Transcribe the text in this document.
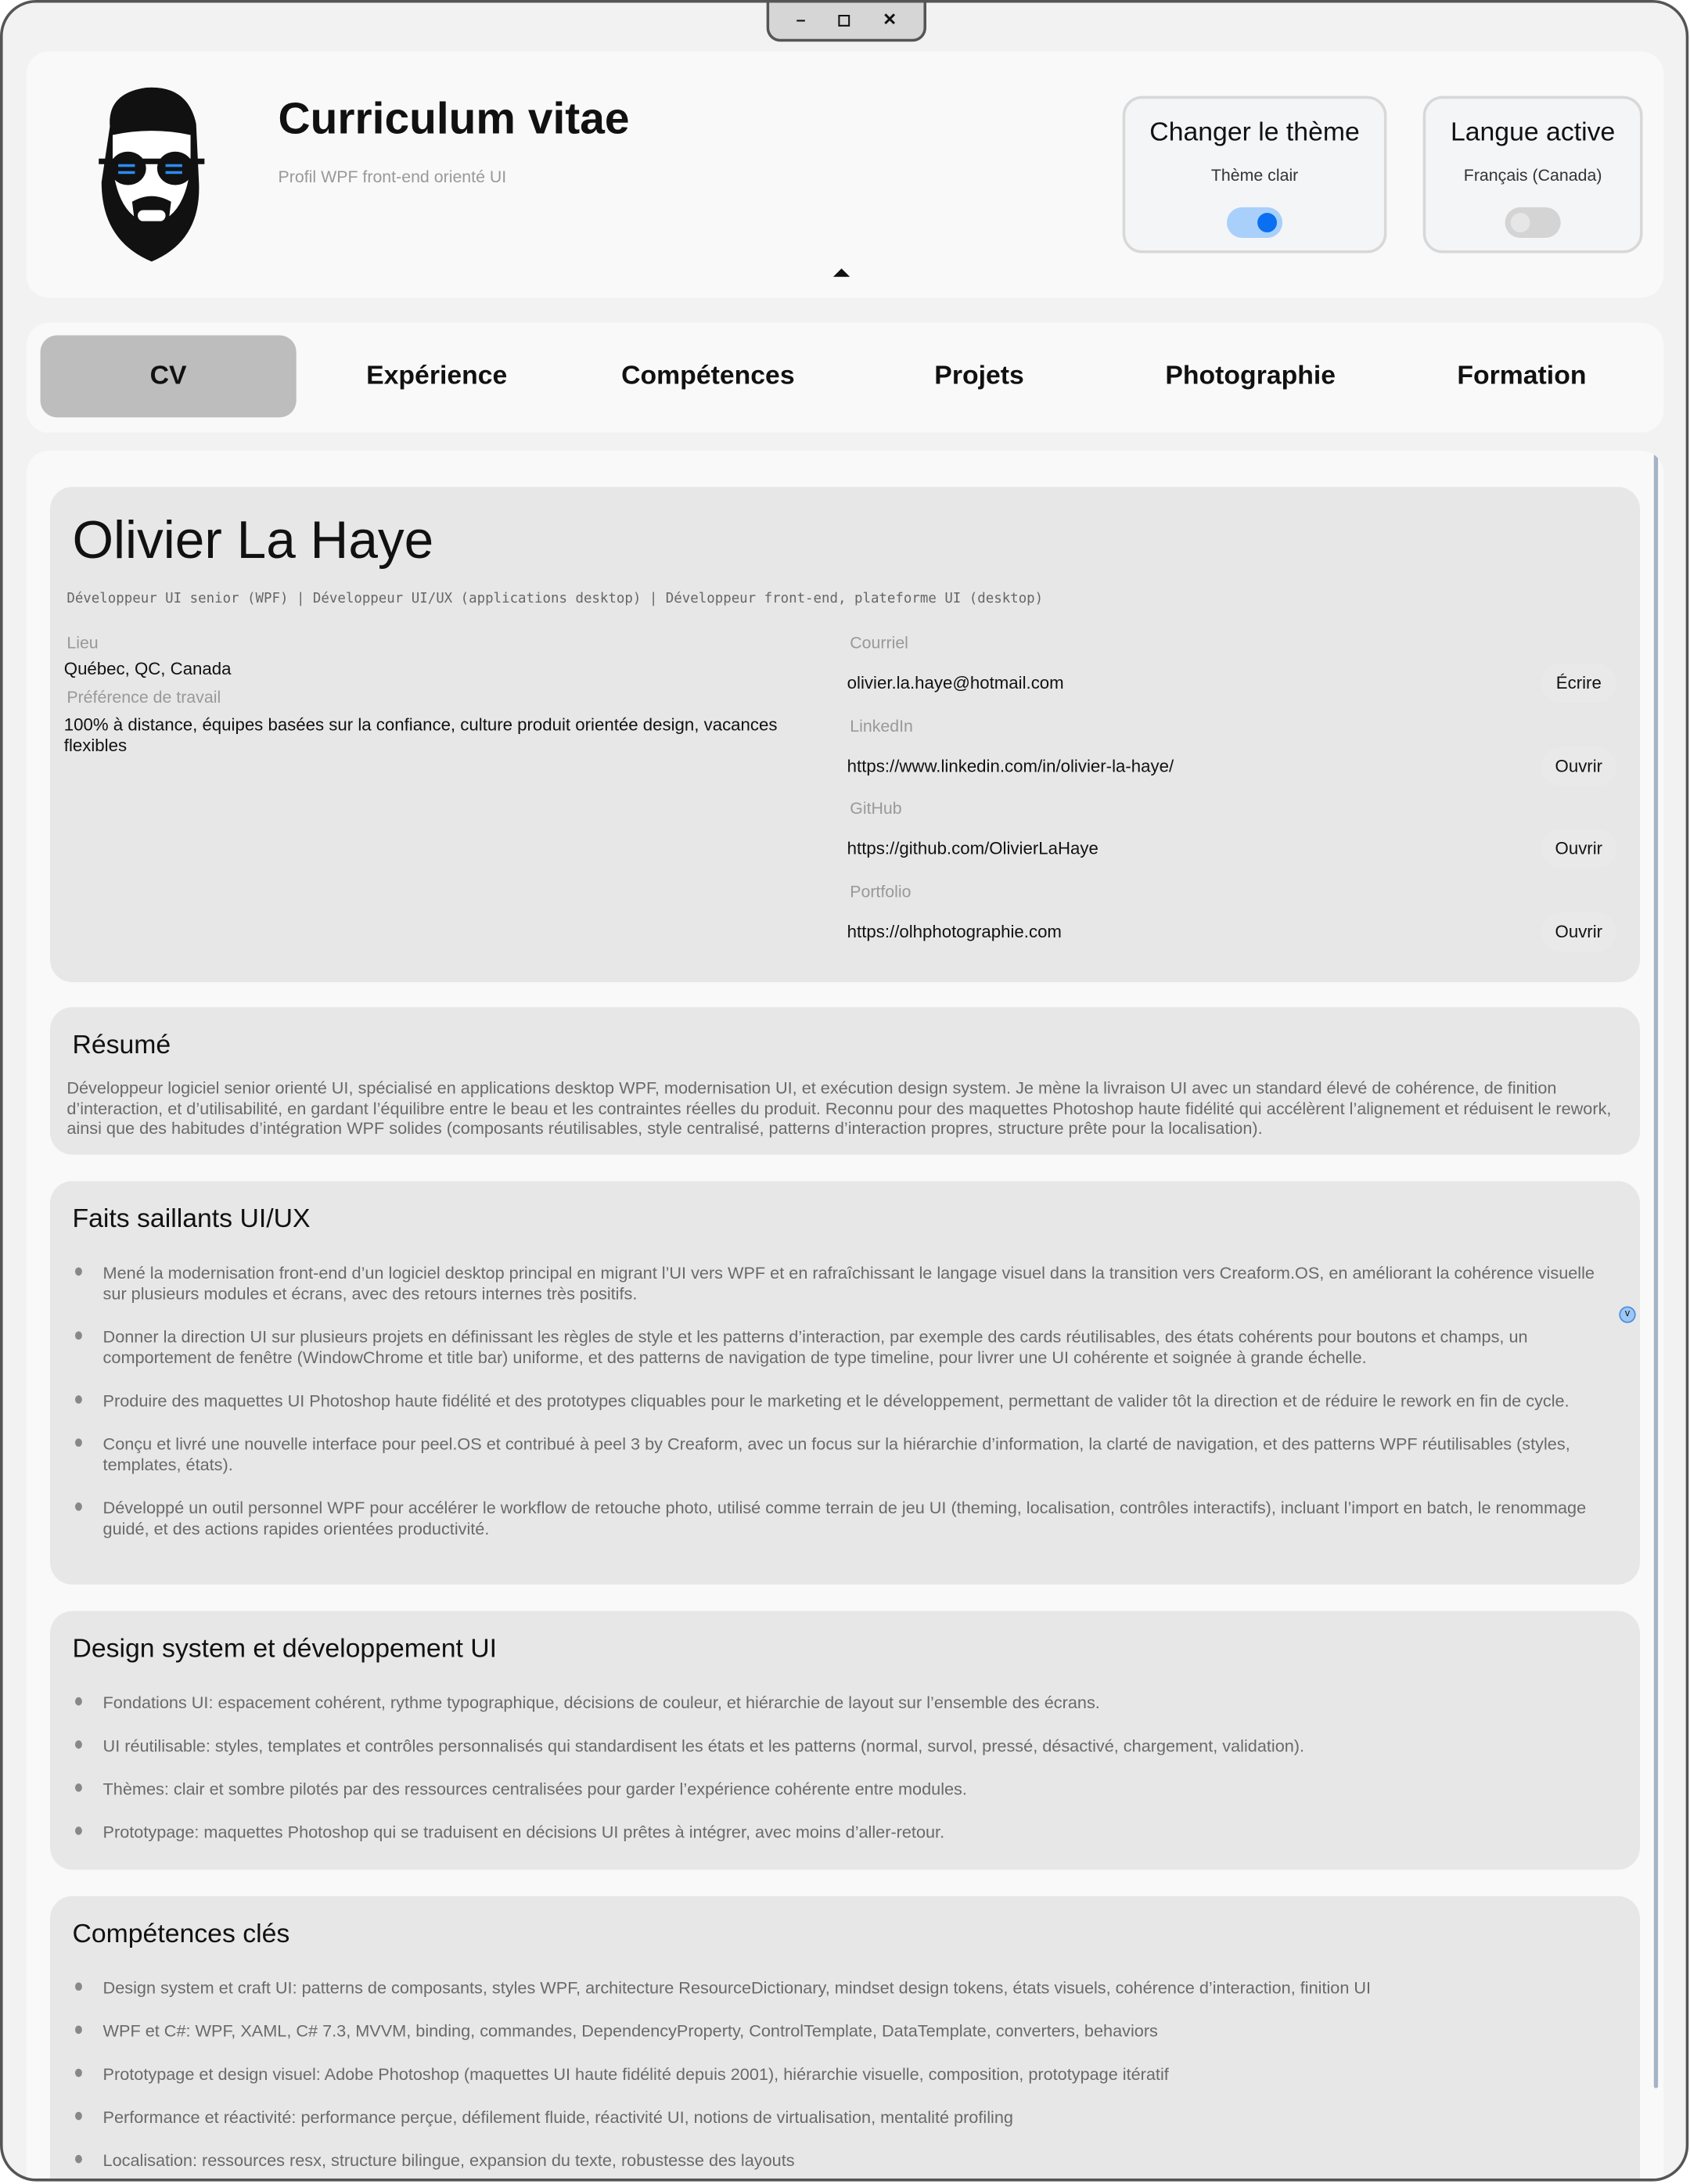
–	◻	✕
Curriculum vitae
Profil WPF front-end orienté UI
Changer le thème
Thème clair
Langue active
Français (Canada)
CV	Expérience	Compétences	Projets	Photographie	Formation
Olivier La Haye
Développeur UI senior (WPF) | Développeur UI/UX (applications desktop) | Développeur front-end, plateforme UI (desktop)
Lieu
Québec, QC, Canada
Préférence de travail
100% à distance, équipes basées sur la confiance, culture produit orientée design, vacances flexibles
Courriel
olivier.la.haye@hotmail.com	Écrire
LinkedIn
https://www.linkedin.com/in/olivier-la-haye/	Ouvrir
GitHub
https://github.com/OlivierLaHaye	Ouvrir
Portfolio
https://olhphotographie.com	Ouvrir
Résumé
Développeur logiciel senior orienté UI, spécialisé en applications desktop WPF, modernisation UI, et exécution design system. Je mène la livraison UI avec un standard élevé de cohérence, de finition d’interaction, et d’utilisabilité, en gardant l’équilibre entre le beau et les contraintes réelles du produit. Reconnu pour des maquettes Photoshop haute fidélité qui accélèrent l’alignement et réduisent le rework, ainsi que des habitudes d’intégration WPF solides (composants réutilisables, style centralisé, patterns d’interaction propres, structure prête pour la localisation).
Faits saillants UI/UX
Mené la modernisation front-end d’un logiciel desktop principal en migrant l’UI vers WPF et en rafraîchissant le langage visuel dans la transition vers Creaform.OS, en améliorant la cohérence visuelle sur plusieurs modules et écrans, avec des retours internes très positifs.
Donner la direction UI sur plusieurs projets en définissant les règles de style et les patterns d’interaction, par exemple des cards réutilisables, des états cohérents pour boutons et champs, un comportement de fenêtre (WindowChrome et title bar) uniforme, et des patterns de navigation de type timeline, pour livrer une UI cohérente et soignée à grande échelle.
Produire des maquettes UI Photoshop haute fidélité et des prototypes cliquables pour le marketing et le développement, permettant de valider tôt la direction et de réduire le rework en fin de cycle.
Conçu et livré une nouvelle interface pour peel.OS et contribué à peel 3 by Creaform, avec un focus sur la hiérarchie d’information, la clarté de navigation, et des patterns WPF réutilisables (styles, templates, états).
Développé un outil personnel WPF pour accélérer le workflow de retouche photo, utilisé comme terrain de jeu UI (theming, localisation, contrôles interactifs), incluant l’import en batch, le renommage guidé, et des actions rapides orientées productivité.
Design system et développement UI
Fondations UI: espacement cohérent, rythme typographique, décisions de couleur, et hiérarchie de layout sur l’ensemble des écrans.
UI réutilisable: styles, templates et contrôles personnalisés qui standardisent les états et les patterns (normal, survol, pressé, désactivé, chargement, validation).
Thèmes: clair et sombre pilotés par des ressources centralisées pour garder l’expérience cohérente entre modules.
Prototypage: maquettes Photoshop qui se traduisent en décisions UI prêtes à intégrer, avec moins d’aller-retour.
Compétences clés
Design system et craft UI: patterns de composants, styles WPF, architecture ResourceDictionary, mindset design tokens, états visuels, cohérence d’interaction, finition UI
WPF et C#: WPF, XAML, C# 7.3, MVVM, binding, commandes, DependencyProperty, ControlTemplate, DataTemplate, converters, behaviors
Prototypage et design visuel: Adobe Photoshop (maquettes UI haute fidélité depuis 2001), hiérarchie visuelle, composition, prototypage itératif
Performance et réactivité: performance perçue, défilement fluide, réactivité UI, notions de virtualisation, mentalité profiling
Localisation: ressources resx, structure bilingue, expansion du texte, robustesse des layouts
v
